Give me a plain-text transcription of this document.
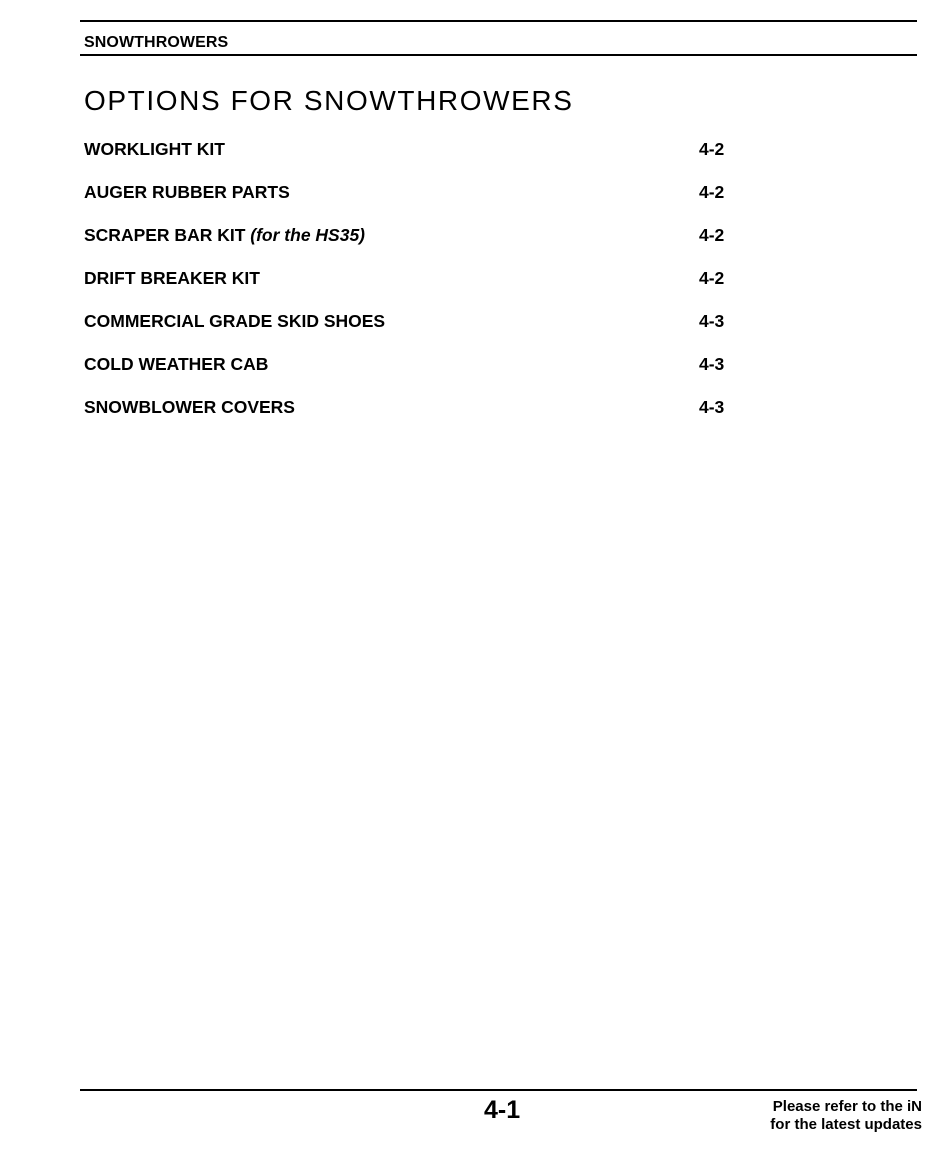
SNOWTHROWERS
OPTIONS FOR SNOWTHROWERS
WORKLIGHT KIT	4-2
AUGER RUBBER PARTS	4-2
SCRAPER BAR KIT (for the HS35)	4-2
DRIFT BREAKER KIT	4-2
COMMERCIAL GRADE SKID SHOES	4-3
COLD WEATHER CAB	4-3
SNOWBLOWER COVERS	4-3
4-1	Please refer to the iN
for the latest updates
